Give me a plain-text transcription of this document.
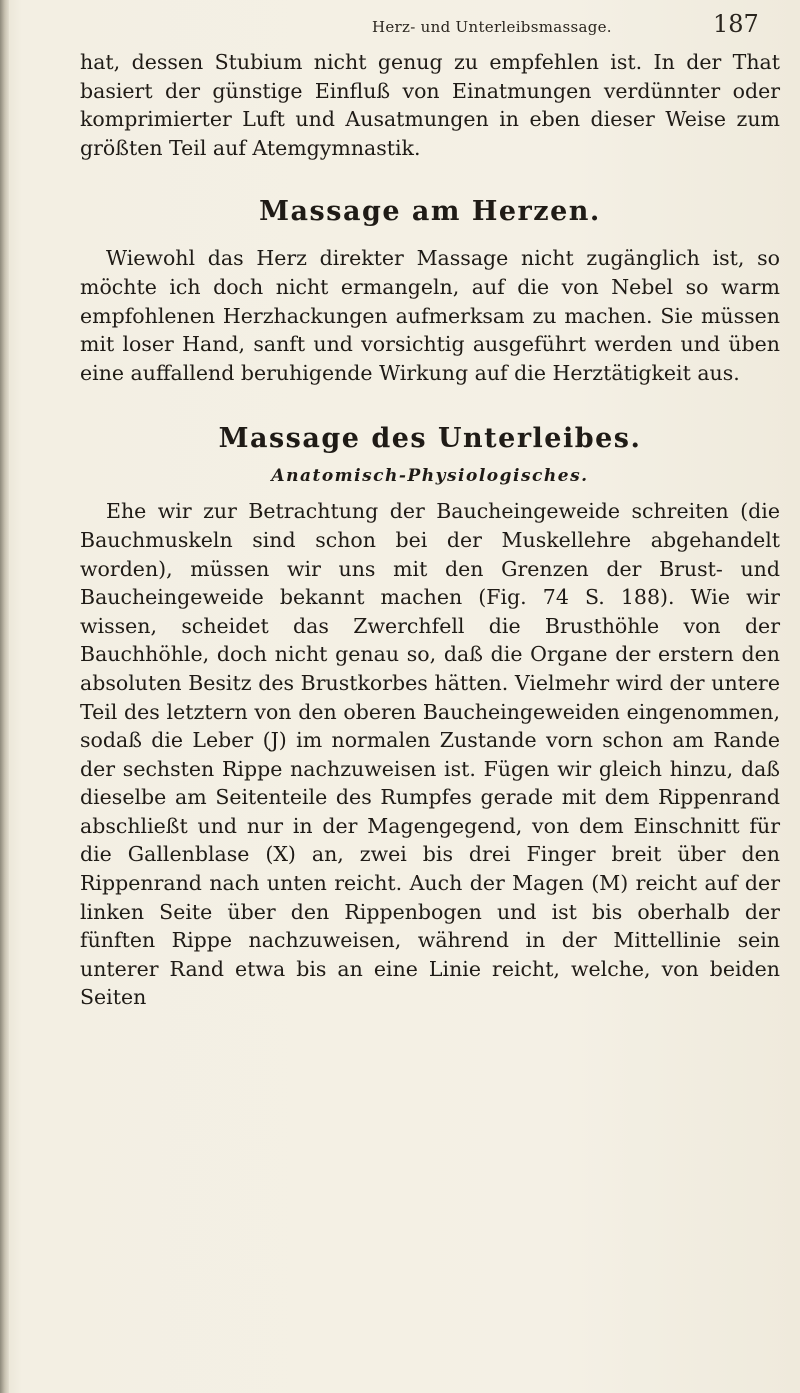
Herz- und Unterleibsmassage.	187

hat, dessen Stubium nicht genug zu empfehlen ist. In der That basiert der günstige Einfluß von Einatmungen verdünnter oder komprimierter Luft und Ausatmungen in eben dieser Weise zum größten Teil auf Atemgymnastik.

Massage am Herzen.

Wiewohl das Herz direkter Massage nicht zugänglich ist, so möchte ich doch nicht ermangeln, auf die von Nebel so warm empfohlenen Herzhackungen aufmerksam zu machen. Sie müssen mit loser Hand, sanft und vorsichtig ausgeführt werden und üben eine auffallend beruhigende Wirkung auf die Herztätigkeit aus.

Massage des Unterleibes.
Anatomisch-Physiologisches.

Ehe wir zur Betrachtung der Baucheingeweide schreiten (die Bauchmuskeln sind schon bei der Muskellehre abgehandelt worden), müssen wir uns mit den Grenzen der Brust- und Baucheingeweide bekannt machen (Fig. 74 S. 188). Wie wir wissen, scheidet das Zwerchfell die Brusthöhle von der Bauchhöhle, doch nicht genau so, daß die Organe der erstern den absoluten Besitz des Brustkorbes hätten. Vielmehr wird der untere Teil des letztern von den oberen Baucheingeweiden eingenommen, sodaß die Leber (J) im normalen Zustande vorn schon am Rande der sechsten Rippe nachzuweisen ist. Fügen wir gleich hinzu, daß dieselbe am Seitenteile des Rumpfes gerade mit dem Rippenrand abschließt und nur in der Magengegend, von dem Einschnitt für die Gallenblase (X) an, zwei bis drei Finger breit über den Rippenrand nach unten reicht. Auch der Magen (M) reicht auf der linken Seite über den Rippenbogen und ist bis oberhalb der fünften Rippe nachzuweisen, während in der Mittellinie sein unterer Rand etwa bis an eine Linie reicht, welche, von beiden Seiten
